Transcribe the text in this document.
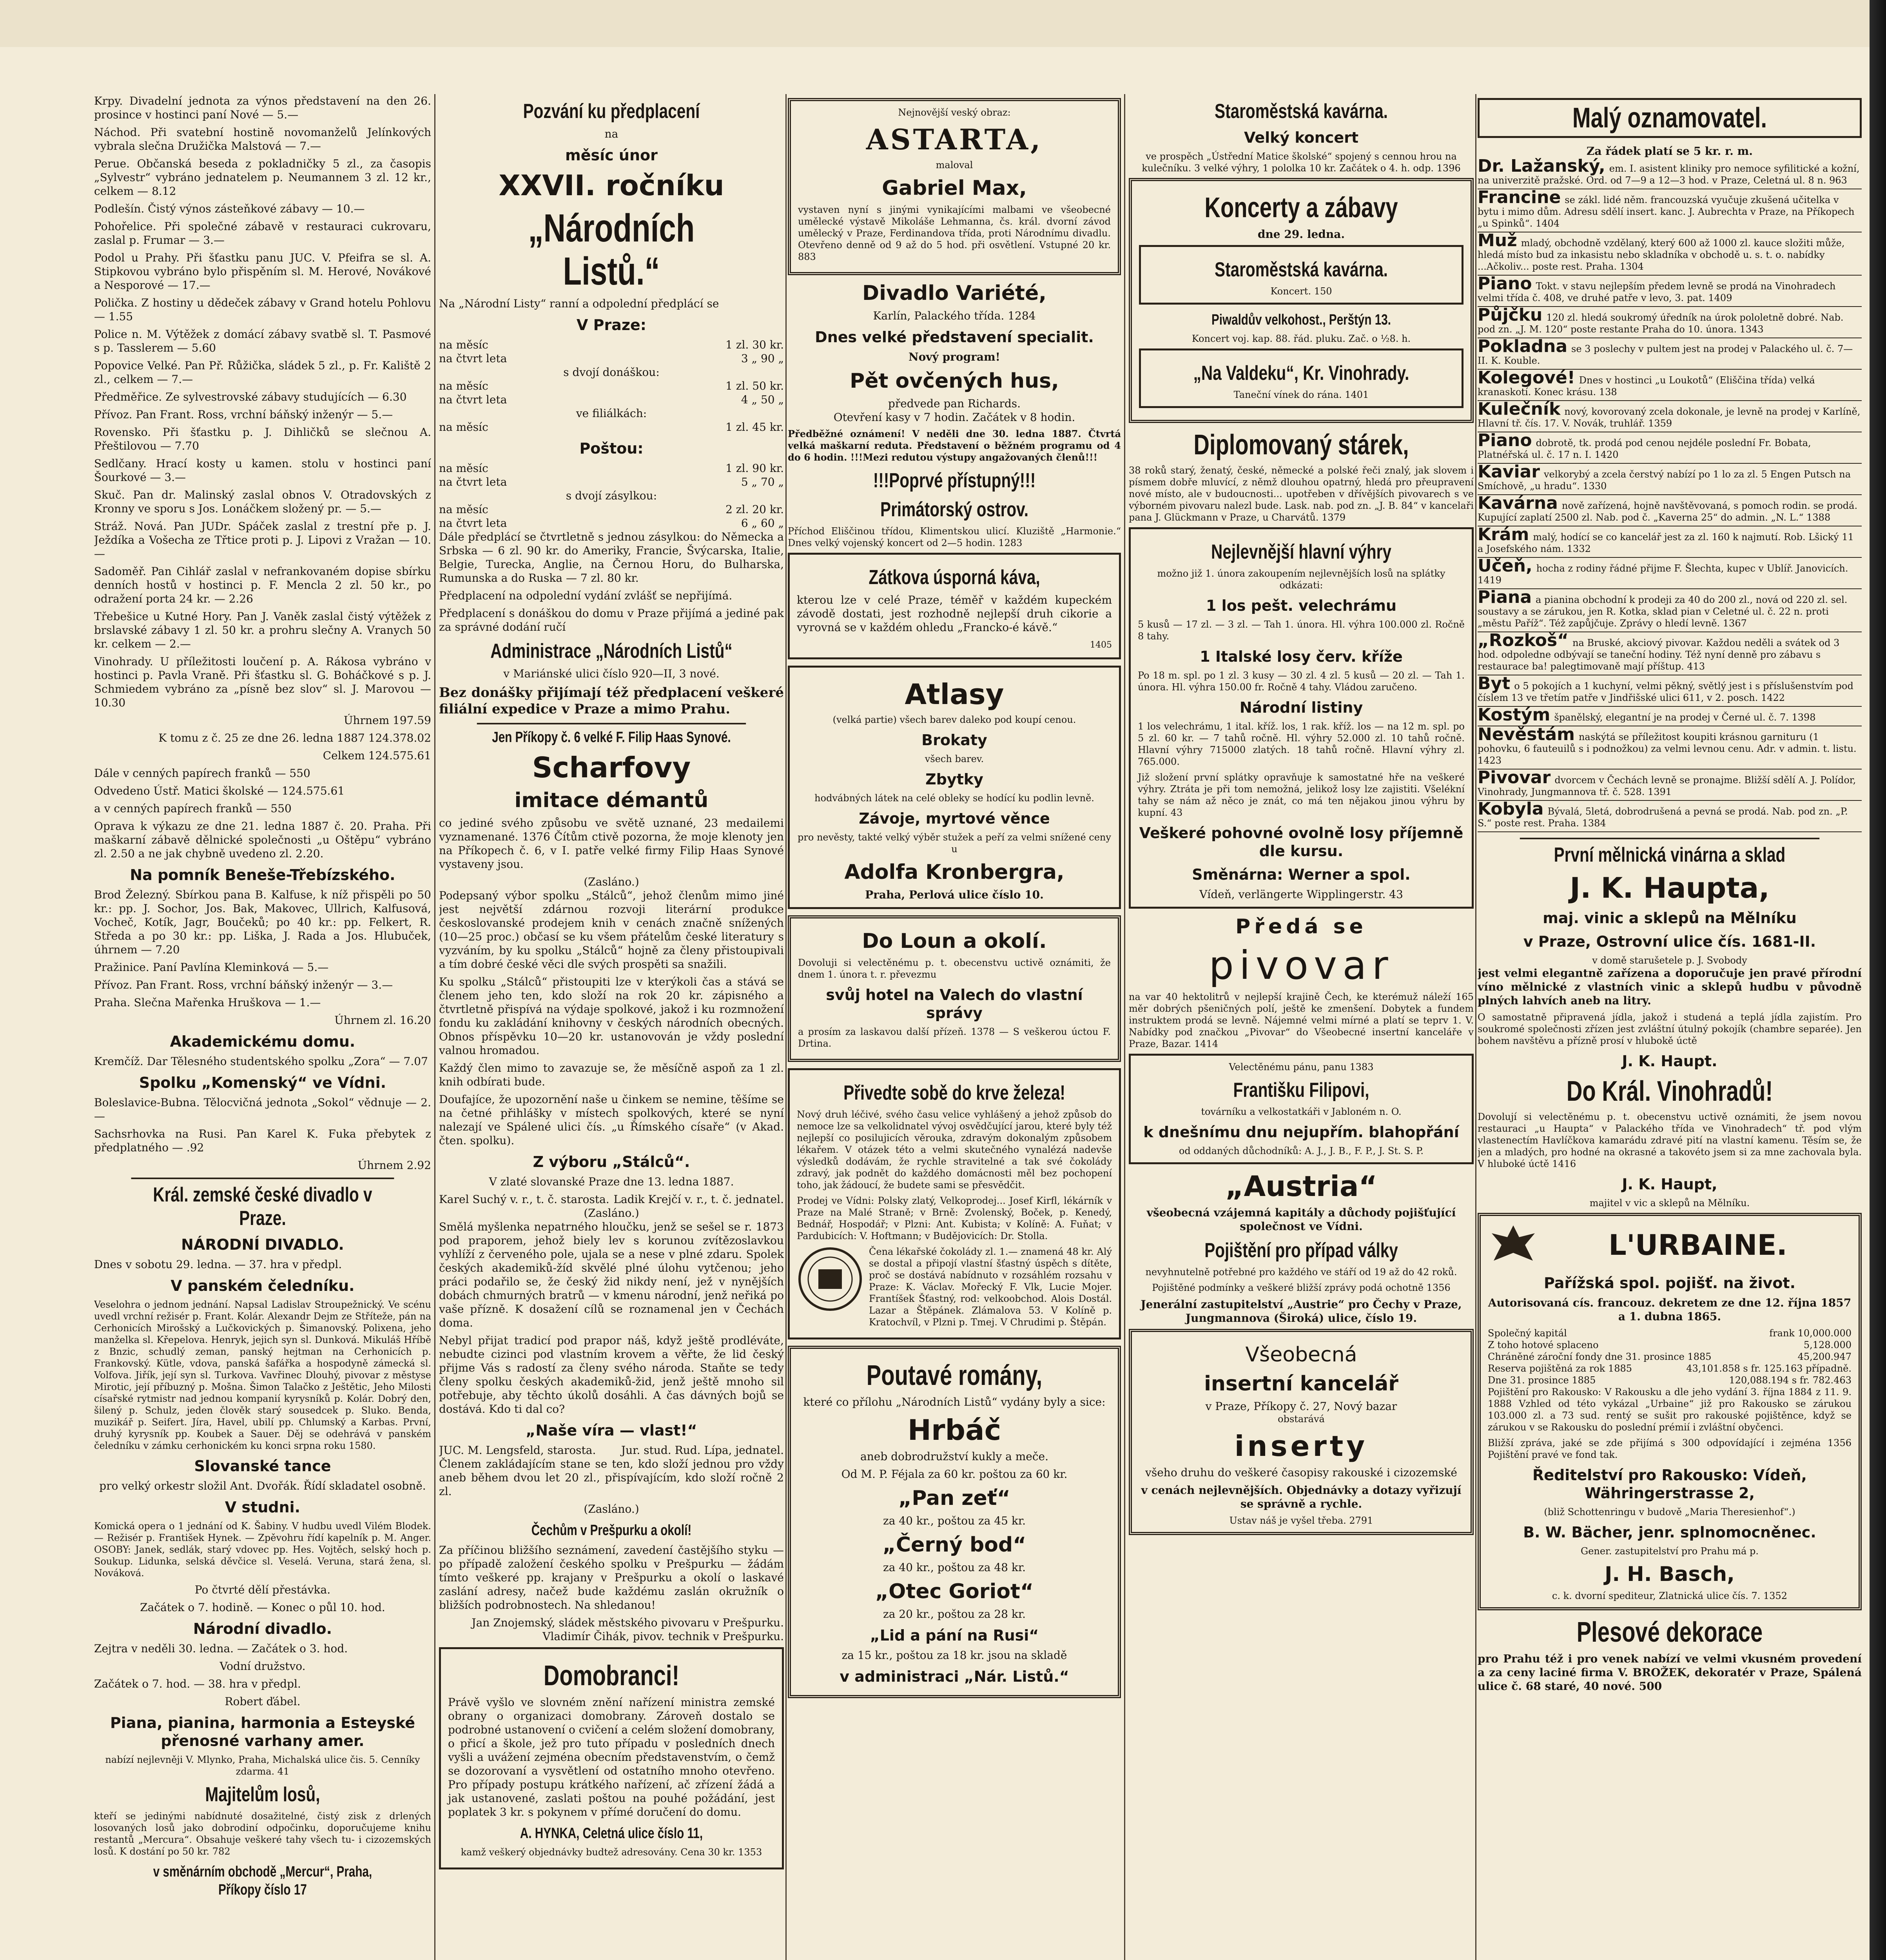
Krpy. Divadelní jednota za výnos představení na den 26. prosince v hostinci paní Nové — 5.—

Náchod. Při svatební hostině novomanželů Jelínkových vybrala slečna Družička Malstová — 7.—

Perue. Občanská beseda z pokladničky 5 zl., za časopis „Sylvestr“ vybráno jednatelem p. Neumannem 3 zl. 12 kr., celkem — 8.12

Podlešín. Čistý výnos zásteňkové zábavy — 10.—

Pohořelice. Při společné zábavě v restauraci cukrovaru, zaslal p. Frumar — 3.—

Podol u Prahy. Při šťastku panu JUC. V. Pfeifra se sl. A. Stipkovou vybráno bylo přispěním sl. M. Herové, Novákové a Nesporové — 17.—

Polička. Z hostiny u dědeček zábavy v Grand hotelu Pohlovu — 1.55

Police n. M. Výtěžek z domácí zábavy svatbě sl. T. Pasmové s p. Tasslerem — 5.60

Popovice Velké. Pan Př. Růžička, sládek 5 zl., p. Fr. Kaliště 2 zl., celkem — 7.—

Předměřice. Ze sylvestrovské zábavy studujících — 6.30

Přívoz. Pan Frant. Ross, vrchní báňský inženýr — 5.—

Rovensko. Při šťastku p. J. Dihličků se slečnou A. Přeštilovou — 7.70

Sedlčany. Hrací kosty u kamen. stolu v hostinci paní Šourkové — 3.—

Skuč. Pan dr. Malinský zaslal obnos V. Otradovských z Kronny ve sporu s Jos. Lonáčkem složený pr. — 5.—

Stráž. Nová. Pan JUDr. Spáček zaslal z trestní pře p. J. Ježdíka a Vošecha ze Třtice proti p. J. Lipovi z Vražan — 10.—

Sadoměř. Pan Cihlář zaslal v nefrankovaném dopise sbírku denních hostů v hostinci p. F. Mencla 2 zl. 50 kr., po odražení porta 24 kr. — 2.26

Třebešice u Kutné Hory. Pan J. Vaněk zaslal čistý výtěžek z brslavské zábavy 1 zl. 50 kr. a prohru slečny A. Vranych 50 kr. celkem — 2.—

Vinohrady. U příležitosti loučení p. A. Rákosa vybráno v hostinci p. Pavla Vraně. Při šťastku sl. G. Boháčkové s p. J. Schmiedem vybráno za „písně bez slov“ sl. J. Marovou — 10.30

Úhrnem 197.59

K tomu z č. 25 ze dne 26. ledna 1887 124.378.02

Celkem 124.575.61

Dále v cenných papírech franků — 550

Odvedeno Ústř. Matici školské — 124.575.61

a v cenných papírech franků — 550

Oprava k výkazu ze dne 21. ledna 1887 č. 20. Praha. Při maškarní zábavě dělnické společnosti „u Oštěpu“ vybráno zl. 2.50 a ne jak chybně uvedeno zl. 2.20.

Na pomník Beneše-Třebízského.

Brod Železný. Sbírkou pana B. Kalfuse, k níž přispěli po 50 kr.: pp. J. Sochor, Jos. Bak, Makovec, Ullrich, Kalfusová, Vocheč, Kotík, Jagr, Boučeků; po 40 kr.: pp. Felkert, R. Středa a po 30 kr.: pp. Liška, J. Rada a Jos. Hlubuček, úhrnem — 7.20

Pražinice. Paní Pavlína Kleminková — 5.—

Přívoz. Pan Frant. Ross, vrchní báňský inženýr — 3.—

Praha. Slečna Mařenka Hruškova — 1.—

Úhrnem zl. 16.20

Akademickému domu.

Kremčíž. Dar Tělesného studentského spolku „Zora“ — 7.07

Spolku „Komenský“ ve Vídni.

Boleslavice-Bubna. Tělocvičná jednota „Sokol“ vědnuje — 2.—

Sachsrhovka na Rusi. Pan Karel K. Fuka přebytek z předplatného — .92

Úhrnem 2.92

Král. zemské české divadlo v Praze.
NÁRODNÍ DIVADLO.

Dnes v sobotu 29. ledna. — 37. hra v předpl.

V panském čeledníku.

Veselohra o jednom jednání. Napsal Ladislav Stroupežnický. Ve scénu uvedl vrchní režisér p. Frant. Kolár. Alexandr Dejm ze Stříteže, pán na Cerhonicích Mirošský a Lučkovických p. Šimanovský. Polixena, jeho manželka sl. Křepelova. Henryk, jejich syn sl. Dunková. Mikuláš Hříbě z Bnzic, schudlý zeman, panský hejtman na Cerhonicích p. Frankovský. Kütle, vdova, panská šafářka a hospodyně zámecká sl. Volfova. Jiřík, její syn sl. Turkova. Vavřinec Dlouhý, pivovar z městyse Mirotic, její příbuzný p. Mošna. Šimon Talačko z Ještětic, Jeho Milosti císařské rytmistr nad jednou kompanií kyrysníků p. Kolár. Dobrý den, šilený p. Schulz, jeden člověk starý sousedcek p. Sluko. Benda, muzikář p. Seifert. Jíra, Havel, ubilí pp. Chlumský a Karbas. První, druhý kyrysník pp. Koubek a Sauer. Děj se odehrává v panském čeledníku v zámku cerhonickém ku konci srpna roku 1580.

Slovanské tance

pro velký orkestr složil Ant. Dvořák. Řídí skladatel osobně.

V studni.

Komická opera o 1 jednání od K. Šabiny. V hudbu uvedl Vilém Blodek. — Režisér p. František Hynek. — Zpěvohru řídí kapelník p. M. Anger. OSOBY: Janek, sedlák, starý vdovec pp. Hes. Vojtěch, selský hoch p. Soukup. Lidunka, selská děvčice sl. Veselá. Veruna, stará žena, sl. Nováková.

Po čtvrté dělí přestávka.

Začátek o 7. hodině. — Konec o půl 10. hod.

Národní divadlo.

Zejtra v neděli 30. ledna. — Začátek o 3. hod.

Vodní družstvo.

Začátek o 7. hod. — 38. hra v předpl.

Robert ďábel.

Piana, pianina, harmonia a Esteyské přenosné varhany amer.

nabízí nejlevněji V. Mlynko, Praha, Michalská ulice čis. 5. Cenníky zdarma. 41

Majitelům losů,

kteří se jedinými nabídnuté dosažitelné, čistý zisk z drlených losovaných losů jako dobrodiní odpočinku, doporučujeme knihu restantů „Mercura“. Obsahuje veškeré tahy všech tu- i cizozemských losů. K dostání po 50 kr. 782

v směnárním obchodě „Mercur“, Praha, Příkopy číslo 17
Pozvání ku předplacení
na
měsíc únor
XXVII. ročníku
„Národních Listů.“

Na „Národní Listy“ ranní a odpolední předplácí se

V Praze:
na měsíc	1 zl. 30 kr.
na čtvrt leta	3 „ 90 „
s dvojí donáškou:
na měsíc	1 zl. 50 kr.
na čtvrt leta	4 „ 50 „
ve filiálkách:
na měsíc	1 zl. 45 kr.
Poštou:
na měsíc	1 zl. 90 kr.
na čtvrt leta	5 „ 70 „
s dvojí zásylkou:
na měsíc	2 zl. 20 kr.
na čtvrt leta	6 „ 60 „

Dále předplácí se čtvrtletně s jednou zásylkou: do Německa a Srbska — 6 zl. 90 kr. do Ameriky, Francie, Švýcarska, Italie, Belgie, Turecka, Anglie, na Černou Horu, do Bulharska, Rumunska a do Ruska — 7 zl. 80 kr.

Předplacení na odpolední vydání zvlášť se nepřijímá.

Předplacení s donáškou do domu v Praze přijímá a jediné pak za správné dodání ručí

Administrace „Národních Listů“

v Mariánské ulici číslo 920—II, 3 nové.

Bez donášky přijímají též předplacení veškeré filiální expedice v Praze a mimo Prahu.

Jen Příkopy č. 6 velké F. Filip Haas Synové.
Scharfovy
imitace démantů

co jediné svého způsobu ve světě uznané, 23 medailemi vyznamenané. 1376 Čítům ctivě pozorna, že moje klenoty jen na Příkopech č. 6, v I. patře velké firmy Filip Haas Synové vystaveny jsou.

(Zasláno.)

Podepsaný výbor spolku „Stálců“, jehož členům mimo jiné jest největší zdárnou rozvoji literární produkce českoslovanské prodejem knih v cenách značně snížených (10—25 proc.) občasí se ku všem přátelům české literatury s vyzváním, by ku spolku „Stálců“ hojně za členy přistoupivali a tím dobré české věci dle svých prospěti sa snažili.

Ku spolku „Stálců“ přistoupiti lze v kterýkoli čas a stává se členem jeho ten, kdo složí na rok 20 kr. zápisného a čtvrtletně přispívá na výdaje spolkové, jakož i ku rozmnožení fondu ku zakládání knihovny v českých národních obecných. Obnos příspěvku 10—20 kr. ustanovován je vždy poslední valnou hromadou.

Každý člen mimo to zavazuje se, že měsíčně aspoň za 1 zl. knih odbírati bude.

Doufajíce, že upozornění naše u činkem se nemine, těšíme se na četné přihlášky v místech spolkových, které se nyní nalezají ve Spálené ulici čís. „u Římského císaře“ (v Akad. čten. spolku).

Z výboru „Stálců“.

V zlaté slovanské Praze dne 13. ledna 1887.

Karel Suchý v. r., t. č. starosta. Ladik Krejčí v. r., t. č. jednatel.
(Zasláno.)

Smělá myšlenka nepatrného hloučku, jenž se sešel se r. 1873 pod praporem, jehož biely lev s korunou zvítězoslavkou vyhlíží z červeného pole, ujala se a nese v plné zdaru. Spolek českých akademiků-žíd skvělé plné úlohu vytčenou; jeho práci podařilo se, že český žid nikdy není, jež v nynějších dobách chmurných bratrů — v kmenu národní, jenž neřiká po vaše přízně. K dosažení cílů se roznamenal jen v Čechách doma.

Nebyl přijat tradicí pod prapor náš, když ještě prodléváte, nebudte cizinci pod vlastním krovem a věřte, že lid český přijme Vás s radostí za členy svého národa. Staňte se tedy členy spolku českých akademiků-žid, jenž ještě mnoho sil potřebuje, aby těchto úkolů dosáhli. A čas dávných bojů se dostává. Kdo ti dal co?

„Naše víra — vlast!“
JUC. M. Lengsfeld, starosta. Jur. stud. Rud. Lípa, jednatel.

Členem zakládajícím stane se ten, kdo složí jednou pro vždy aneb během dvou let 20 zl., přispívajícím, kdo složí ročně 2 zl.

(Zasláno.)
Čechům v Prešpurku a okolí!

Za příčinou bližšího seznámení, zavedení častějšího styku — po případě založení českého spolku v Prešpurku — žádám tímto veškeré pp. krajany v Prešpurku a okolí o laskavé zaslání adresy, načež bude každému zaslán okružník o bližších podrobnostech. Na shledanou!

Jan Znojemský, sládek městského pivovaru v Prešpurku. Vladimír Čihák, pivov. technik v Prešpurku.

Domobranci!

Právě vyšlo ve slovném znění nařízení ministra zemské obrany o organizaci domobrany. Zároveň dostalo se podrobné ustanovení o cvičení a celém složení domobrany, o přicí a škole, jež pro tuto případu v posledních dnech vyšli a uvážení zejména obecním představenstvím, o čemž se dozorovaní a vysvětlení od ostatního mnoho otevřeno. Pro případy postupu krátkého nařízení, ač zřízení žádá a jak ustanovené, zaslati poštou na pouhé požádání, jest poplatek 3 kr. s pokynem v přímé doručení do domu.

A. HYNKA, Celetná ulice číslo 11,

kamž veškerý objednávky budtež adresovány. Cena 30 kr. 1353

Nejnovější veský obraz:
ASTARTA,
maloval
Gabriel Max,

vystaven nyní s jinými vynikajícími malbami ve všeobecné umělecké výstavě Mikoláše Lehmanna, čs. král. dvorní závod umělecký v Praze, Ferdinandova třída, proti Národnímu divadlu. Otevřeno denně od 9 až do 5 hod. při osvětlení. Vstupné 20 kr. 883

Divadlo Variété,
Karlín, Palackého třída. 1284
Dnes velké představení specialit.
Nový program!
Pět ovčených hus,
předvede pan Richards.

Otevření kasy v 7 hodin. Začátek v 8 hodin.

Předběžné oznámení! V neděli dne 30. ledna 1887. Čtvrtá velká maškarní reduta. Představení o běžném programu od 4 do 6 hodin. !!!Mezi redutou výstupy angažovaných členů!!!

!!!Poprvé přístupný!!!
Primátorský ostrov.

Příchod Eliščinou třídou, Klimentskou ulicí. Kluziště „Harmonie.“ Dnes velký vojenský koncert od 2—5 hodin. 1283

Zátkova úsporná káva,

kterou lze v celé Praze, téměř v každém kupeckém závodě dostati, jest rozhodně nejlepší druh cikorie a vyrovná se v každém ohledu „Francko-é kávě.“

1405
Atlasy

(velká partie) všech barev daleko pod koupí cenou.

Brokaty

všech barev.

Zbytky

hodvábných látek na celé obleky se hodící ku podlin levně.

Závoje, myrtové věnce

pro nevěsty, takté velký výběr stužek a peří za velmi snížené ceny u

Adolfa Kronbergra,
Praha, Perlová ulice číslo 10.
Do Loun a okolí.

Dovoluji si velectěnému p. t. obecenstvu uctivě oznámiti, že dnem 1. února t. r. převezmu

svůj hotel na Valech do vlastní správy

a prosím za laskavou další přízeň. 1378 — S veškerou úctou F. Drtina.

Přivedte sobě do krve železa!

Nový druh léčivé, svého času velice vyhlášený a jehož způsob do nemoce lze sa velkolidnatel vývoj osvědčující jarou, které byly též nejlepší co posilujicích věrouka, zdravým dokonalým způsobem lékařem. V otázek této a velmi skutečného vynalézá nadevše výsledků dodávám, že rychle stravitelné a tak své čokolády zdravý, jak podnět do každého domácnosti měl bez pochopení toho, jak žádoucí, že budete sami se přesvědčit.

Prodej ve Vídni: Polsky zlatý, Velkoprodej... Josef Kirfl, lékárník v Praze na Malé Straně; v Brně: Zvolenský, Boček, p. Kenedý, Bednář, Hospodář; v Plzni: Ant. Kubista; v Kolíně: A. Fuňat; v Pardubicích: V. Hoftmann; v Budějovicích: Dr. Stolla.

Čena lékařské čokolády zl. 1.— znamená 48 kr. Alý se dostal a připojí vlastní šťastný úspěch s dítěte, proč se dostává nabídnuto v rozsáhlém rozsahu v Praze: K. Václav. Mořecký F. Vlk, Lucie Mojer. Frantíšek Šťastný, rod: velkoobchod. Alois Dostál. Lazar a Štěpánek. Zlámalova 53. V Kolíně p. Kratochvíl, v Plzni p. Tmej. V Chrudimi p. Štěpán.

Poutavé romány,

které co přílohu „Národních Listů“ vydány byly a sice:

Hrbáč

aneb dobrodružství kukly a meče.

Od M. P. Féjala za 60 kr. poštou za 60 kr.

„Pan zeť“

za 40 kr., poštou za 45 kr.

„Černý bod“

za 40 kr., poštou za 48 kr.

„Otec Goriot“

za 20 kr., poštou za 28 kr.

„Lid a pání na Rusi“

za 15 kr., poštou za 18 kr. jsou na skladě

v administraci „Nár. Listů.“
Staroměstská kavárna.
Velký koncert

ve prospěch „Ústřední Matice školské“ spojený s cennou hrou na kulečníku. 3 velké výhry, 1 pololka 10 kr. Začátek o 4. h. odp. 1396

Koncerty a zábavy
dne 29. ledna.
Staroměstská kavárna.
Koncert. 150
Piwaldův velkohost., Perštýn 13.
Koncert voj. kap. 88. řád. pluku. Zač. o ½8. h.
„Na Valdeku“, Kr. Vinohrady.
Taneční vínek do rána. 1401
Diplomovaný stárek,

38 roků starý, ženatý, české, německé a polské řeči znalý, jak slovem i písmem dobře mluvící, z němž dlouhou opatrný, hledá pro přeupravení nové místo, ale v budoucnosti... upotřeben v dřívějších pivovarech s ve výborném pivovaru nalezl bude. Lask. nab. pod zn. „J. B. 84“ v kancelaři pana J. Glückmann v Praze, u Charvátů. 1379

Nejlevnější hlavní výhry

možno již 1. února zakoupením nejlevnějších losů na splátky odkázati:

1 los pešt. velechrámu

5 kusů — 17 zl. — 3 zl. — Tah 1. února. Hl. výhra 100.000 zl. Ročně 8 tahy.

1 Italské losy červ. kříže

Po 18 m. spl. po 1 zl. 3 kusy — 30 zl. 4 zl. 5 kusů — 20 zl. — Tah 1. února. Hl. výhra 150.00 fr. Ročně 4 tahy. Vládou zaručeno.

Národní listiny

1 los velechrámu, 1 ital. kříž. los, 1 rak. kříž. los — na 12 m. spl. po 5 zl. 60 kr. — 7 tahů ročně. Hl. výhry 52.000 zl. 10 tahů ročně. Hlavní výhry 715000 zlatých. 18 tahů ročně. Hlavní výhry zl. 765.000.

Již složení první splátky opravňuje k samostatné hře na veškeré výhry. Ztráta je při tom nemožná, jelikož losy lze zajistiti. Všelékní tahy se nám až něco je znát, co má ten nějakou jinou výhru by kupní. 43

Veškeré pohovné ovolně losy příjemně dle kursu.
Směnárna: Werner a spol.
Vídeň, verlängerte Wipplingerstr. 43
Předá se
pivovar

na var 40 hektolitrů v nejlepší krajině Čech, ke kterémuž náleží 165 měr dobrých pšeničných polí, ještě ke zmenšení. Dobytek a fundem instruktem prodá se levně. Nájemné velmi mírné a platí se teprv 1. V. Nabídky pod značkou „Pivovar“ do Všeobecné insertní kanceláře v Praze, Bazar. 1414

Velectěnému pánu, panu 1383
Františku Filipovi,
továrníku a velkostatkáři v Jabloném n. O.
k dnešnímu dnu nejupřím. blahopřání
od oddaných důchodníků: A. J., J. B., F. P., J. St. S. P.
„Austria“

všeobecná vzájemná kapitály a důchody pojišťující společnost ve Vídni.

Pojištění pro případ války

nevyhnutelně potřebné pro každého ve stáří od 19 až do 42 roků.

Pojištěné podmínky a veškeré bližší zprávy podá ochotně 1356

Jenerální zastupitelství „Austrie“ pro Čechy v Praze, Jungmannova (Široká) ulice, číslo 19.

Všeobecná
insertní kancelář
v Praze, Příkopy č. 27, Nový bazar
obstarává
inserty

všeho druhu do veškeré časopisy rakouské i cizozemské

v cenách nejlevnějších. Objednávky a dotazy vyřizují se správně a rychle.

Ustav náš je vyšel třeba. 2791
Malý oznamovatel.
Za řádek platí se 5 kr. r. m.
Dr. Lažanský, em. I. asistent kliniky pro nemoce syfilitické a kožní, na univerzitě pražské. Ord. od 7—9 a 12—3 hod. v Praze, Celetná ul. 8 n. 963
Francine se zákl. lidé něm. francouzská vyučuje zkušená učitelka v bytu i mimo dům. Adresu sdělí insert. kanc. J. Aubrechta v Praze, na Příkopech „u Spinků“. 1404
Muž mladý, obchodně vzdělaný, který 600 až 1000 zl. kauce složiti může, hledá místo bud za inkasistu nebo skladníka v obchodě u. s. t. o. nabídky ...Ačkoliv... poste rest. Praha. 1304
Piano Tokt. v stavu nejlepším předem levně se prodá na Vinohradech velmi třída č. 408, ve druhé patře v levo, 3. pat. 1409
Půjčku 120 zl. hledá soukromý úředník na úrok pololetně dobré. Nab. pod zn. „J. M. 120“ poste restante Praha do 10. února. 1343
Pokladna se 3 poslechy v pultem jest na prodej v Palackého ul. č. 7—II. K. Kouble.
Kolegové! Dnes v hostinci „u Loukotů“ (Eliščina třída) velká kranaskotí. Konec krásu. 138
Kulečník nový, kovorovaný zcela dokonale, je levně na prodej v Karlíně, Hlavní tř. čís. 17. V. Novák, truhlář. 1359
Piano dobrotě, tk. prodá pod cenou nejdéle poslední Fr. Bobata, Platnéřská ul. č. 17 n. I. 1420
Kaviar velkorybý a zcela čerstvý nabízí po 1 lo za zl. 5 Engen Putsch na Smíchově, „u hradu“. 1330
Kavárna nově zařízená, hojně navštěvovaná, s pomoch rodin. se prodá. Kupující zaplatí 2500 zl. Nab. pod č. „Kaverna 25“ do admin. „N. L.“ 1388
Krám malý, hodící se co kancelář jest za zl. 160 k najmutí. Rob. Lšický 11 a Josefského nám. 1332
Učeň, hocha z rodiny řádné přijme F. Šlechta, kupec v Ublíř. Janovicích. 1419
Piana a pianina obchodní k prodeji za 40 do 200 zl., nová od 220 zl. sel. soustavy a se zárukou, jen R. Kotka, sklad pian v Celetné ul. č. 22 n. proti „městu Paříž“. Též zapůjčuje. Zprávy o hledí levně. 1367
„Rozkoš“ na Bruské, akciový pivovar. Každou neděli a svátek od 3 hod. odpoledne odbývají se taneční hodiny. Též nyní denně pro zábavu s restaurace ba! palegtimovaně mají příštup. 413
Byt o 5 pokojích a 1 kuchyní, velmi pěkný, světlý jest i s příslušenstvím pod číslem 13 ve třetím patře v Jindřišské ulici 611, v 2. posch. 1422
Kostým španělský, elegantní je na prodej v Černé ul. č. 7. 1398
Nevěstám naskýtá se příležitost koupiti krásnou garnituru (1 pohovku, 6 fauteuilů s i podnožkou) za velmi levnou cenu. Adr. v admin. t. listu. 1423
Pivovar dvorcem v Čechách levně se pronajme. Bližší sdělí A. J. Polídor, Vinohrady, Jungmannova tř. č. 528. 1391
Kobyla Bývalá, 5letá, dobrodrušená a pevná se prodá. Nab. pod zn. „P. S.“ poste rest. Praha. 1384
První mělnická vinárna a sklad
J. K. Haupta,
maj. vinic a sklepů na Mělníku
v Praze, Ostrovní ulice čís. 1681-II.
v domě starušetele p. J. Svobody

jest velmi elegantně zařízena a doporučuje jen pravé přírodní víno mělnické z vlastních vinic a sklepů hudbu v původně plných lahvích aneb na litry.

O samostatně připravená jídla, jakož i studená a teplá jídla zajistím. Pro soukromé společnosti zřízen jest zvláštní útulný pokojík (chambre separée). Jen bohem navštěvu a přízně prosí v hlubokě úctě

J. K. Haupt.
Do Král. Vinohradů!

Dovolují si velectěnému p. t. obecenstvu uctivě oznámiti, že jsem novou restauraci „u Haupta“ v Palackého třída ve Vinohradech“ tř. pod vlým vlastenectím Havlíčkova kamarádu zdravé pití na vlastní kamenu. Těsím se, že jen a mladých, pro hodné na okrasné a takovéto jsem si za mne zachovala byla. V hluboké úctě 1416

J. K. Haupt,
majitel v vic a sklepů na Mělníku.
L'URBAINE.
Pařížská spol. pojišť. na život.

Autorisovaná cís. francouz. dekretem ze dne 12. října 1857 a 1. dubna 1865.

Společný kapitál	frank 10,000.000
Z toho hotové splaceno	5,128.000
Chráněné zároční fondy dne 31. prosince 1885	45,200.947
Reserva pojištěná za rok 1885	43,101.858 s fr. 125.163 případně.
Dne 31. prosince 1885	120,088.194 s fr. 782.463

Pojištění pro Rakousko: V Rakousku a dle jeho vydání 3. října 1884 z 11. 9. 1888 Vzhled od této vykázal „Urbaine“ již pro Rakousko se zárukou 103.000 zl. a 73 sud. rentý se sušit pro rakouské pojištěnce, když se zárukou v se Rakousku do poslední prémií i zvláštní obyčenci.

Bližší zpráva, jaké se zde přijímá s 300 odpovídající i zejména 1356 Pojištění pravé ve fond tak.

Ředitelství pro Rakousko: Vídeň, Währingerstrasse 2,
(bliž Schottenringu v budově „Maria Theresienhof“.)
B. W. Bächer, jenr. splnomocněnec.
Gener. zastupitelství pro Prahu má p.
J. H. Basch,
c. k. dvorní spediteur, Zlatnická ulice čís. 7. 1352
Plesové dekorace

pro Prahu též i pro venek nabízí ve velmi vkusném provedení a za ceny laciné firma V. BROŽEK, dekoratér v Praze, Spálená ulice č. 68 staré, 40 nové. 500
